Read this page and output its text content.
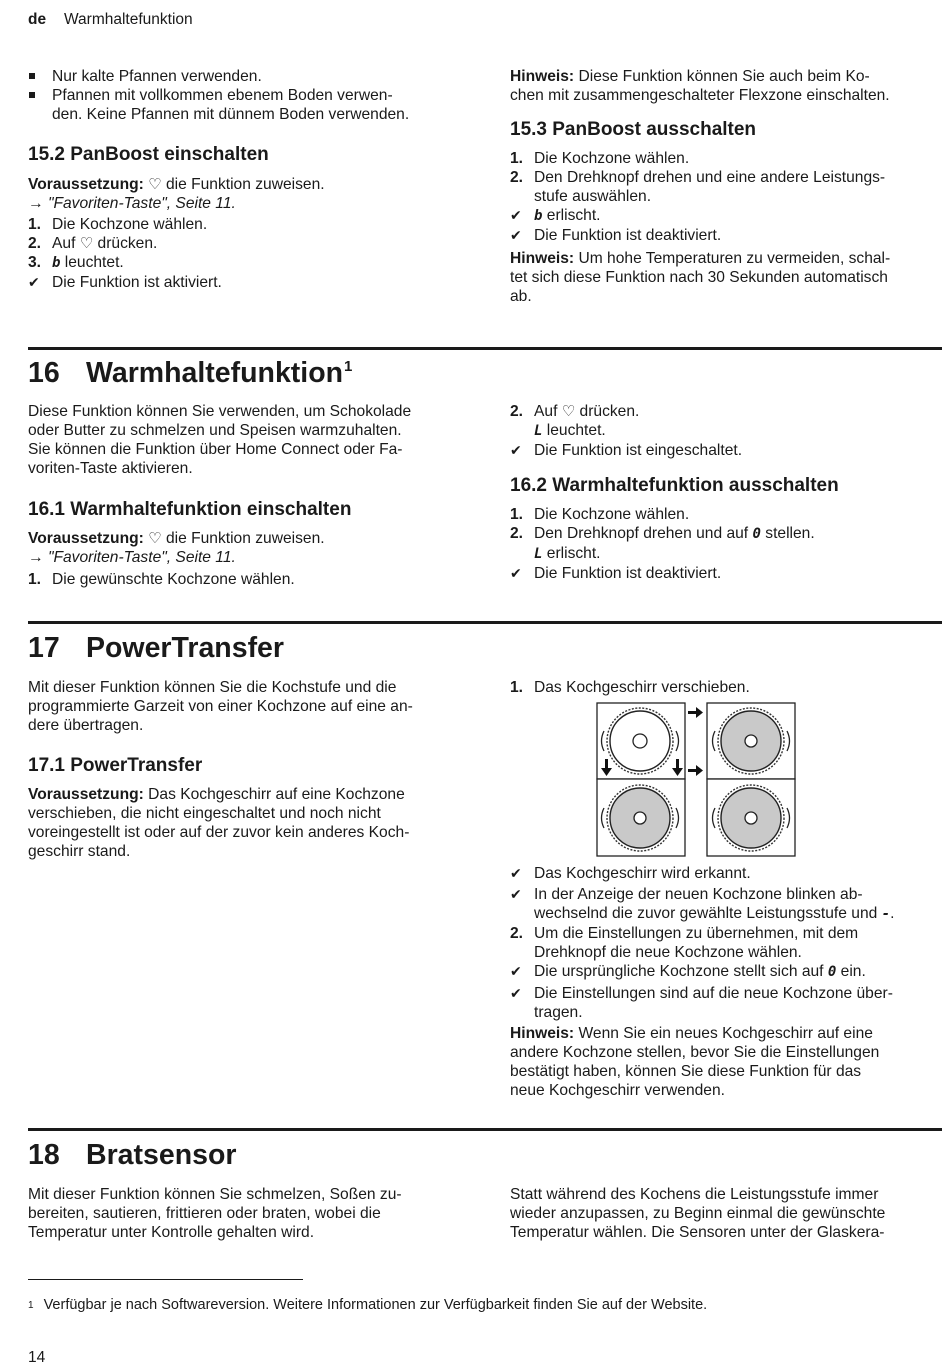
de Warmhaltefunktion
Nur kalte Pfannen verwenden.
Pfannen mit vollkommen ebenem Boden verwen-
den. Keine Pfannen mit dünnem Boden verwenden.

15.2 PanBoost einschalten

Voraussetzung: ♡ die Funktion zuweisen.

→ "Favoriten-Taste", Seite 11.

1. Die Kochzone wählen.
2. Auf ♡ drücken.
3. b leuchtet.
✔ Die Funktion ist aktiviert.

Hinweis: Diese Funktion können Sie auch beim Ko-
chen mit zusammengeschalteter Flexzone einschalten.

15.3 PanBoost ausschalten

1. Die Kochzone wählen.
2. Den Drehknopf drehen und eine andere Leistungs-
stufe auswählen.
✔ b erlischt.
✔ Die Funktion ist deaktiviert.

Hinweis: Um hohe Temperaturen zu vermeiden, schal-
tet sich diese Funktion nach 30 Sekunden automatisch
ab.

16 Warmhaltefunktion$^1$

Diese Funktion können Sie verwenden, um Schokolade
oder Butter zu schmelzen und Speisen warmzuhalten.
Sie können die Funktion über Home Connect oder Fa-
voriten-Taste aktivieren.

16.1 Warmhaltefunktion einschalten

Voraussetzung: ♡ die Funktion zuweisen.

→ "Favoriten-Taste", Seite 11.

1. Die gewünschte Kochzone wählen.
2. Auf ♡ drücken.
L leuchtet.
✔ Die Funktion ist eingeschaltet.

16.2 Warmhaltefunktion ausschalten

1. Die Kochzone wählen.
2. Den Drehknopf drehen und auf 0 stellen.
L erlischt.
✔ Die Funktion ist deaktiviert.
17 PowerTransfer

Mit dieser Funktion können Sie die Kochstufe und die
programmierte Garzeit von einer Kochzone auf eine an-
dere übertragen.

17.1 PowerTransfer

Voraussetzung: Das Kochgeschirr auf eine Kochzone
verschieben, die nicht eingeschaltet und noch nicht
voreingestellt ist oder auf der zuvor kein anderes Koch-
geschirr stand.

1. Das Kochgeschirr verschieben.
✔ Das Kochgeschirr wird erkannt.
✔ In der Anzeige der neuen Kochzone blinken ab-
wechselnd die zuvor gewählte Leistungsstufe und -.
2. Um die Einstellungen zu übernehmen, mit dem
Drehknopf die neue Kochzone wählen.
✔ Die ursprüngliche Kochzone stellt sich auf 0 ein.
✔ Die Einstellungen sind auf die neue Kochzone über-
tragen.

Hinweis: Wenn Sie ein neues Kochgeschirr auf eine
andere Kochzone stellen, bevor Sie die Einstellungen
bestätigt haben, können Sie diese Funktion für das
neue Kochgeschirr verwenden.

18 Bratsensor

Mit dieser Funktion können Sie schmelzen, Soßen zu-
bereiten, sautieren, frittieren oder braten, wobei die
Temperatur unter Kontrolle gehalten wird.

Statt während des Kochens die Leistungsstufe immer
wieder anzupassen, zu Beginn einmal die gewünschte
Temperatur wählen. Die Sensoren unter der Glaskera-

$^1$ Verfügbar je nach Softwareversion. Weitere Informationen zur Verfügbarkeit finden Sie auf der Website.
14
